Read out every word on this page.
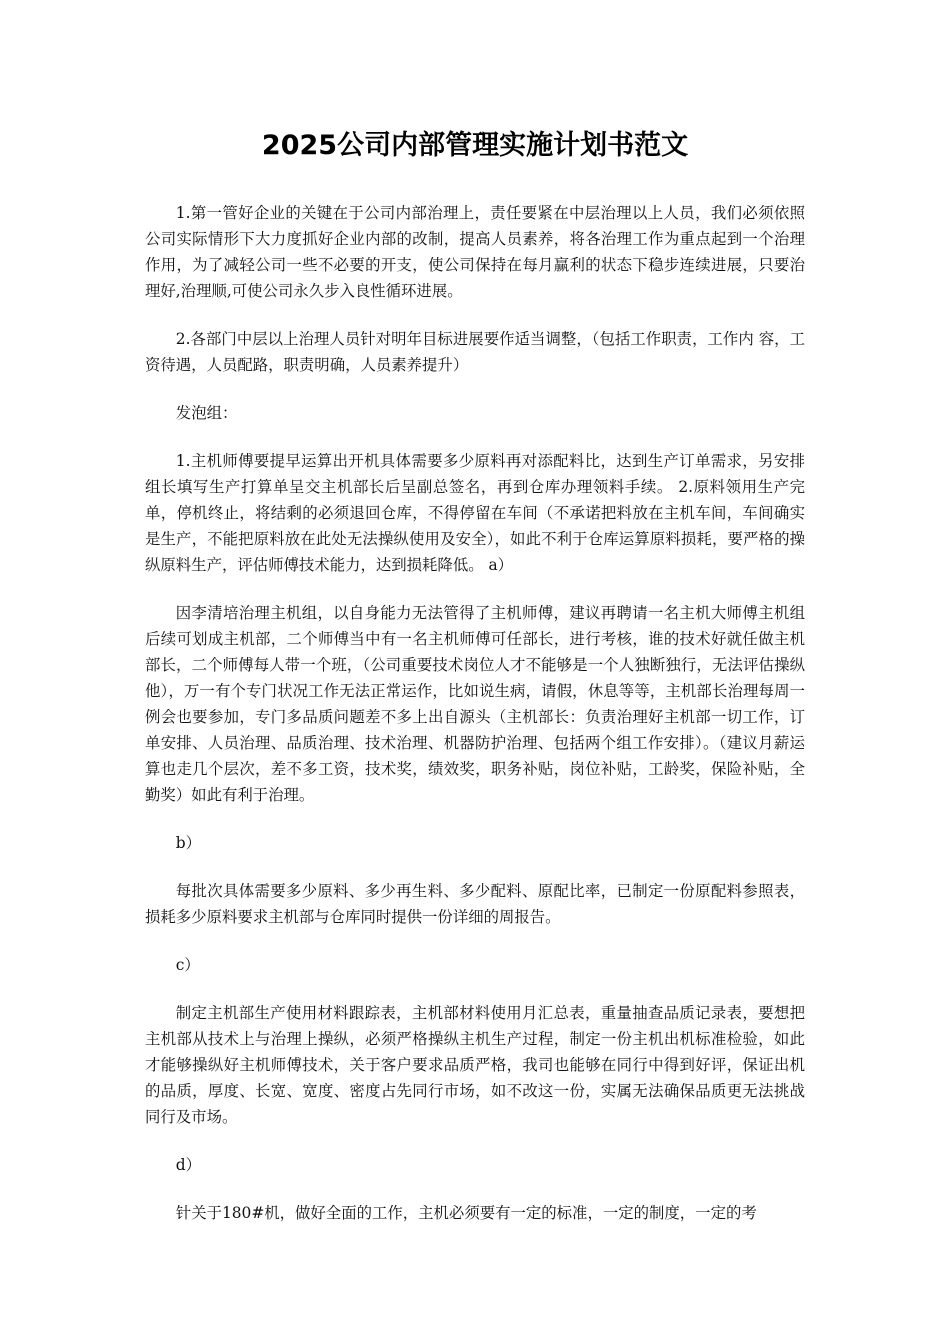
2025公司内部管理实施计划书范文

1.第一管好企业的关键在于公司内部治理上，责任要紧在中层治理以上人员，我们必须依照公司实际情形下大力度抓好企业内部的改制，提高人员素养，将各治理工作为重点起到一个治理作用，为了减轻公司一些不必要的开支，使公司保持在每月赢利的状态下稳步连续进展，只要治理好,治理顺,可使公司永久步入良性循环进展。

2.各部门中层以上治理人员针对明年目标进展要作适当调整，（包括工作职责，工作内 容，工资待遇，人员配路，职责明确，人员素养提升）

发泡组：

1.主机师傅要提早运算出开机具体需要多少原料再对添配料比，达到生产订单需求，另安排组长填写生产打算单呈交主机部长后呈副总签名，再到仓库办理领料手续。 2.原料领用生产完单，停机终止，将结剩的必须退回仓库，不得停留在车间（不承诺把料放在主机车间，车间确实是生产，不能把原料放在此处无法操纵使用及安全），如此不利于仓库运算原料损耗，要严格的操纵原料生产，评估师傅技术能力，达到损耗降低。 a）

因李清培治理主机组，以自身能力无法管得了主机师傅，建议再聘请一名主机大师傅主机组后续可划成主机部，二个师傅当中有一名主机师傅可任部长，进行考核，谁的技术好就任做主机部长，二个师傅每人带一个班，（公司重要技术岗位人才不能够是一个人独断独行，无法评估操纵他），万一有个专门状况工作无法正常运作，比如说生病，请假，休息等等，主机部长治理每周一例会也要参加，专门多品质问题差不多上出自源头（主机部长：负责治理好主机部一切工作，订单安排、人员治理、品质治理、技术治理、机器防护治理、包括两个组工作安排）。（建议月薪运算也走几个层次，差不多工资，技术奖，绩效奖，职务补贴，岗位补贴，工龄奖，保险补贴，全勤奖）如此有利于治理。

b）

每批次具体需要多少原料、多少再生料、多少配料、原配比率，已制定一份原配料参照表，损耗多少原料要求主机部与仓库同时提供一份详细的周报告。

c）

制定主机部生产使用材料跟踪表，主机部材料使用月汇总表，重量抽查品质记录表，要想把主机部从技术上与治理上操纵，必须严格操纵主机生产过程，制定一份主机出机标准检验，如此才能够操纵好主机师傅技术，关于客户要求品质严格，我司也能够在同行中得到好评，保证出机的品质，厚度、长宽、宽度、密度占先同行市场，如不改这一份，实属无法确保品质更无法挑战同行及市场。

d）

针关于180#机，做好全面的工作，主机必须要有一定的标准，一定的制度，一定的考
